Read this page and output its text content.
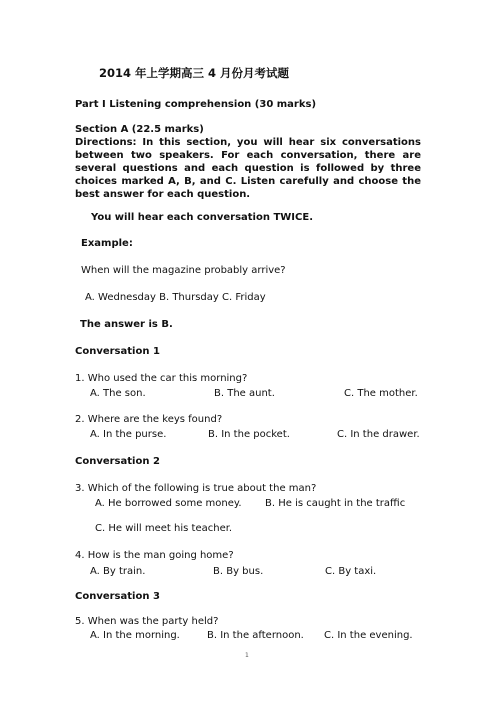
2014 年上学期高三 4 月份月考试题
Part I Listening comprehension (30 marks)
Section A (22.5 marks)
Directions: In this section, you will hear six conversations
between two speakers. For each conversation, there are
several questions and each question is followed by three
choices marked A, B, and C. Listen carefully and choose the
best answer for each question.
You will hear each conversation TWICE.
Example:
When will the magazine probably arrive?
A. Wednesday B. Thursday C. Friday
The answer is B.
Conversation 1
1. Who used the car this morning?
A. The son.	B. The aunt.	C. The mother.
2. Where are the keys found?
A. In the purse.	B. In the pocket.	C. In the drawer.
Conversation 2
3. Which of the following is true about the man?
A. He borrowed some money. B. He is caught in the traffic
C. He will meet his teacher.
4. How is the man going home?
A. By train.	B. By bus.	C. By taxi.
Conversation 3
5. When was the party held?
A. In the morning.	B. In the afternoon. C. In the evening.
1
